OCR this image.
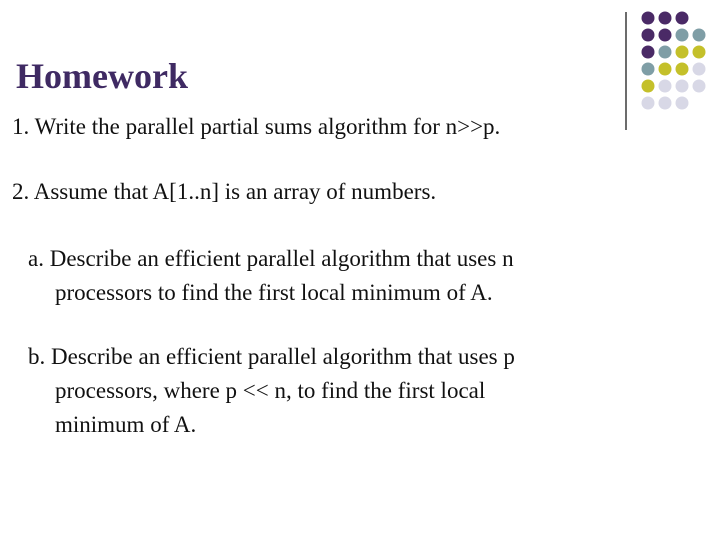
Homework
1. Write the parallel partial sums algorithm for n>>p.
2. Assume that A[1..n] is an array of numbers.
a. Describe an efficient parallel algorithm that uses n
processors to find the first local minimum of A.
b. Describe an efficient parallel algorithm that uses p
processors, where p << n, to find the first local
minimum of A.
